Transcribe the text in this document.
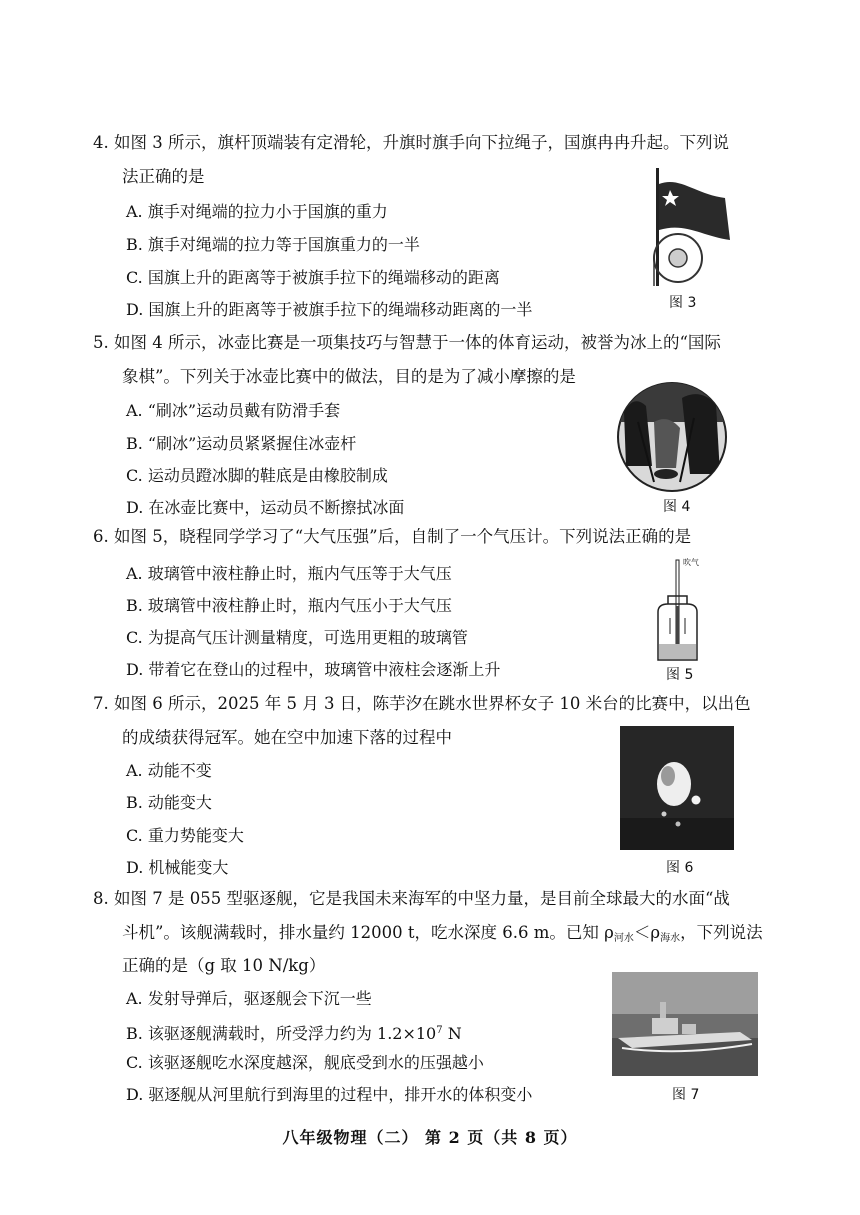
4. 如图 3 所示，旗杆顶端装有定滑轮，升旗时旗手向下拉绳子，国旗冉冉升起。下列说
法正确的是
A. 旗手对绳端的拉力小于国旗的重力
B. 旗手对绳端的拉力等于国旗重力的一半
C. 国旗上升的距离等于被旗手拉下的绳端移动的距离
D. 国旗上升的距离等于被旗手拉下的绳端移动距离的一半	图 3
5. 如图 4 所示，冰壶比赛是一项集技巧与智慧于一体的体育运动，被誉为冰上的“国际
象棋”。下列关于冰壶比赛中的做法，目的是为了减小摩擦的是
A. “刷冰”运动员戴有防滑手套
B. “刷冰”运动员紧紧握住冰壶杆
C. 运动员蹬冰脚的鞋底是由橡胶制成
D. 在冰壶比赛中，运动员不断擦拭冰面	图 4
6. 如图 5，晓程同学学习了“大气压强”后，自制了一个气压计。下列说法正确的是
A. 玻璃管中液柱静止时，瓶内气压等于大气压
B. 玻璃管中液柱静止时，瓶内气压小于大气压
C. 为提高气压计测量精度，可选用更粗的玻璃管
D. 带着它在登山的过程中，玻璃管中液柱会逐渐上升
吹气
图 5
7. 如图 6 所示，2025 年 5 月 3 日，陈芋汐在跳水世界杯女子 10 米台的比赛中，以出色
的成绩获得冠军。她在空中加速下落的过程中
A. 动能不变
B. 动能变大
C. 重力势能变大
D. 机械能变大	图 6
8. 如图 7 是 055 型驱逐舰，它是我国未来海军的中坚力量，是目前全球最大的水面“战
斗机”。该舰满载时，排水量约 12000 t，吃水深度 6.6 m。已知 $\rho_{河水}<\rho_{海水}$，下列说法
正确的是（g 取 10 N/kg）
A. 发射导弹后，驱逐舰会下沉一些
B. 该驱逐舰满载时，所受浮力约为 $1.2\times 10^7$ N
C. 该驱逐舰吃水深度越深，舰底受到水的压强越小
D. 驱逐舰从河里航行到海里的过程中，排开水的体积变小	图 7
八年级物理（二） 第 2 页（共 8 页）
